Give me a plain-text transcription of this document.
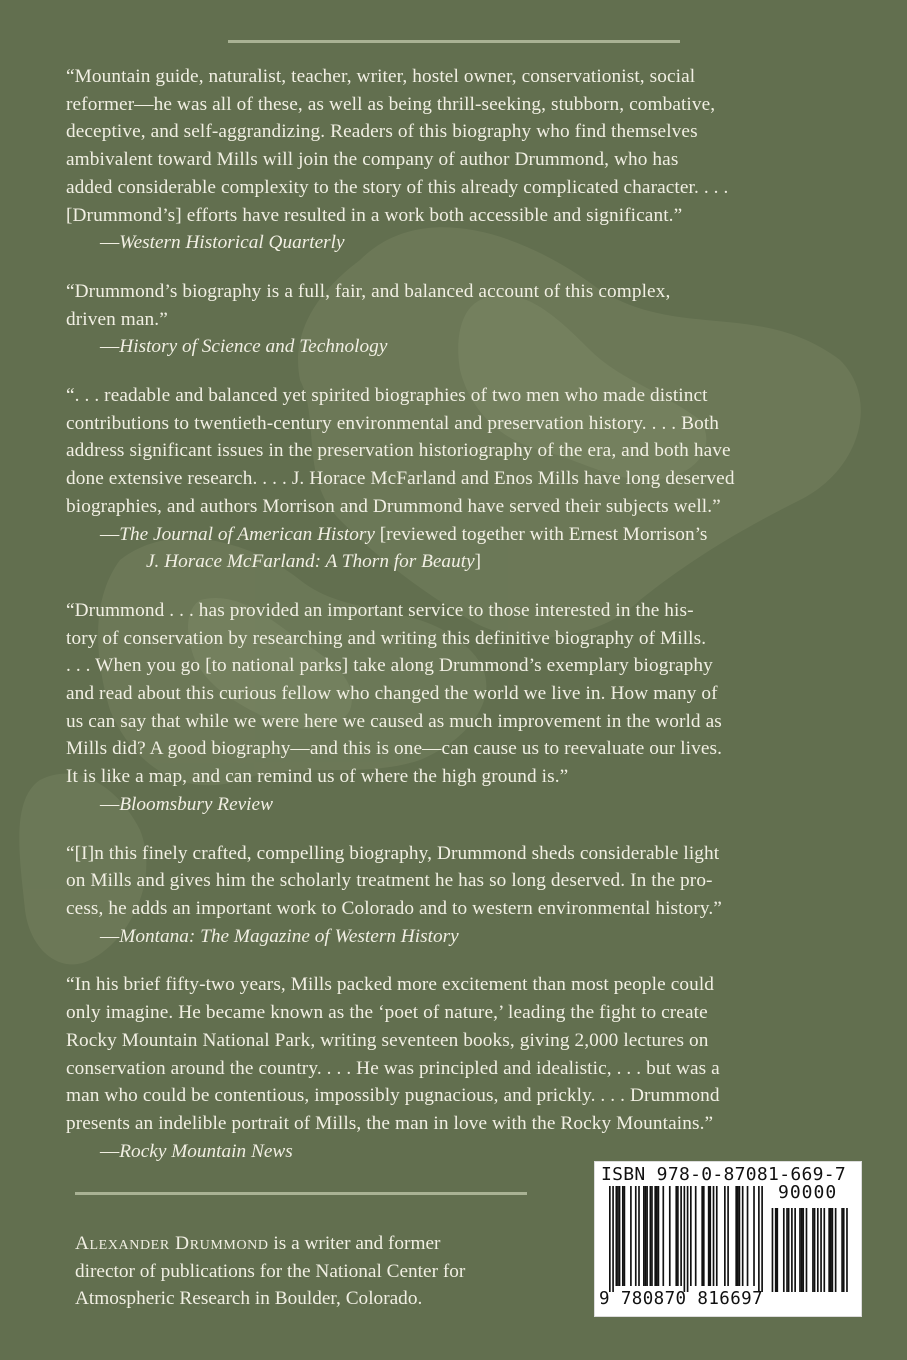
“Mountain guide, naturalist, teacher, writer, hostel owner, conservationist, social
reformer—he was all of these, as well as being thrill-seeking, stubborn, combative,
deceptive, and self-aggrandizing. Readers of this biography who find themselves
ambivalent toward Mills will join the company of author Drummond, who has
added considerable complexity to the story of this already complicated character. . . .
[Drummond’s] efforts have resulted in a work both accessible and significant.”

—Western Historical Quarterly

“Drummond’s biography is a full, fair, and balanced account of this complex,
driven man.”

—History of Science and Technology

“. . . readable and balanced yet spirited biographies of two men who made distinct
contributions to twentieth-century environmental and preservation history. . . . Both
address significant issues in the preservation historiography of the era, and both have
done extensive research. . . . J. Horace McFarland and Enos Mills have long deserved
biographies, and authors Morrison and Drummond have served their subjects well.”

—The Journal of American History [reviewed together with Ernest Morrison’s
J. Horace McFarland: A Thorn for Beauty]

“Drummond . . . has provided an important service to those interested in the his-
tory of conservation by researching and writing this definitive biography of Mills.
. . . When you go [to national parks] take along Drummond’s exemplary biography
and read about this curious fellow who changed the world we live in. How many of
us can say that while we were here we caused as much improvement in the world as
Mills did? A good biography—and this is one—can cause us to reevaluate our lives.
It is like a map, and can remind us of where the high ground is.”

—Bloomsbury Review

“[I]n this finely crafted, compelling biography, Drummond sheds considerable light
on Mills and gives him the scholarly treatment he has so long deserved. In the pro-
cess, he adds an important work to Colorado and to western environmental history.”

—Montana: The Magazine of Western History

“In his brief fifty-two years, Mills packed more excitement than most people could
only imagine. He became known as the ‘poet of nature,’ leading the fight to create
Rocky Mountain National Park, writing seventeen books, giving 2,000 lectures on
conservation around the country. . . . He was principled and idealistic, . . . but was a
man who could be contentious, impossibly pugnacious, and prickly. . . . Drummond
presents an indelible portrait of Mills, the man in love with the Rocky Mountains.”

—Rocky Mountain News

Alexander Drummond is a writer and former
director of publications for the National Center for
Atmospheric Research in Boulder, Colorado.
ISBN 978-0-87081-669-7
90000
9 780870 816697
